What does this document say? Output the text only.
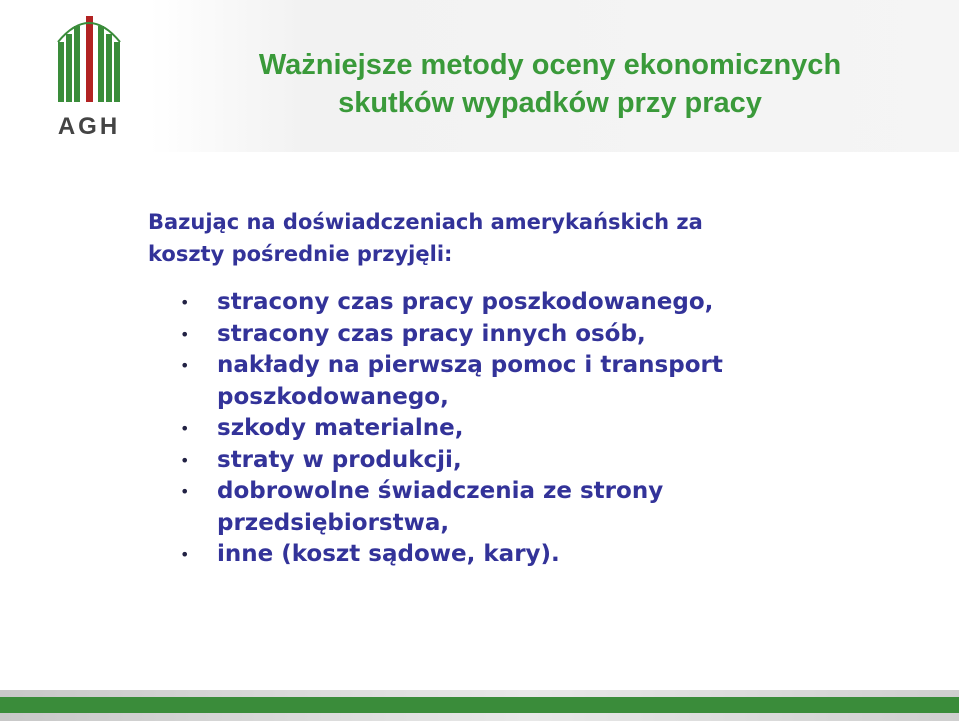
AGH
Ważniejsze metody oceny ekonomicznych
skutków wypadków przy pracy

Bazując na doświadczeniach amerykańskich za
koszty pośrednie przyjęli:

• stracony czas pracy poszkodowanego,
• stracony czas pracy innych osób,
• nakłady na pierwszą pomoc i transport
poszkodowanego,
• szkody materialne,
• straty w produkcji,
• dobrowolne świadczenia ze strony
przedsiębiorstwa,
• inne (koszt sądowe, kary).
